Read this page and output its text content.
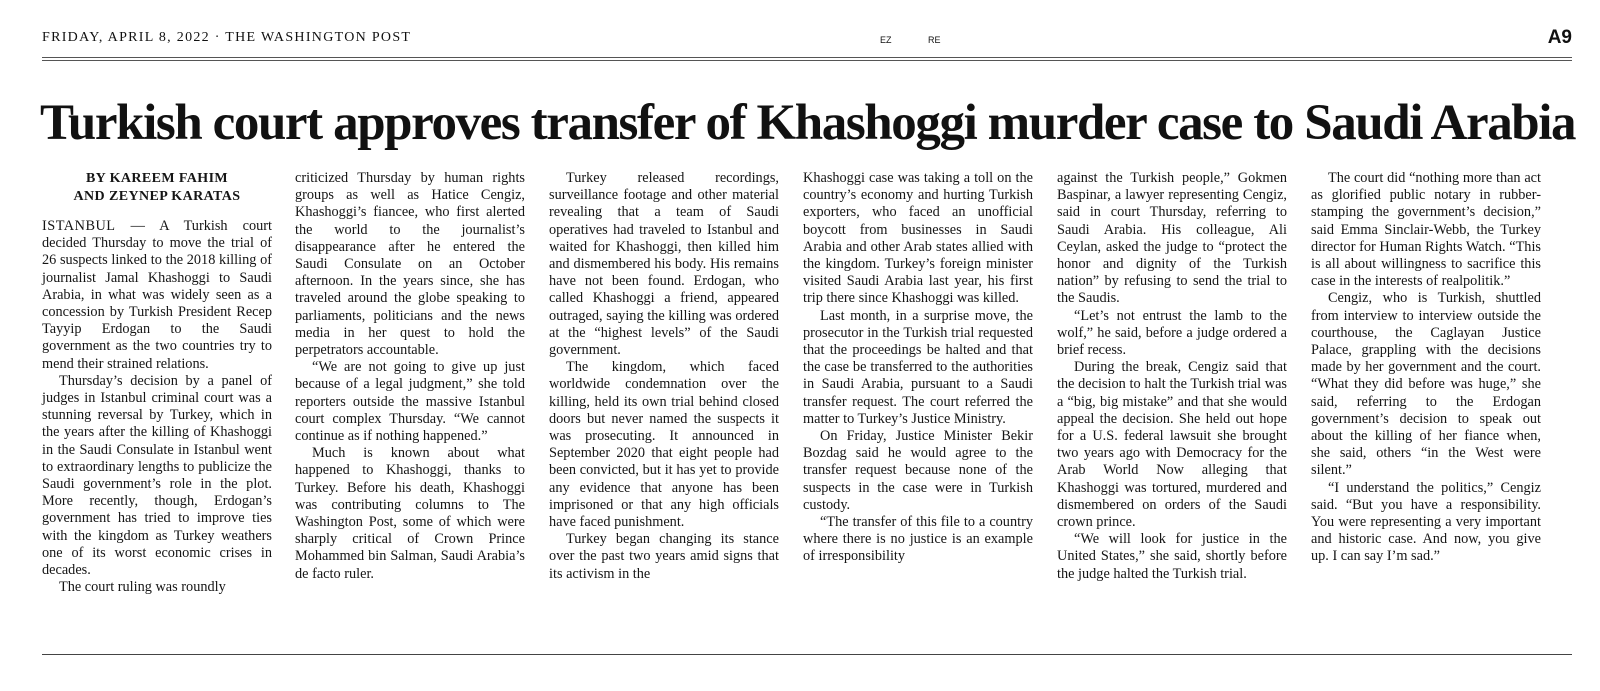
FRIDAY, APRIL 8, 2022 · THE WASHINGTON POST	EZ	RE	A9
Turkish court approves transfer of Khashoggi murder case to Saudi Arabia
BY KAREEM FAHIM
AND ZEYNEP KARATAS

ISTANBUL — A Turkish court decided Thursday to move the trial of 26 suspects linked to the 2018 killing of journalist Jamal Khashoggi to Saudi Arabia, in what was widely seen as a concession by Turkish President Recep Tayyip Erdogan to the Saudi government as the two countries try to mend their strained relations.

Thursday’s decision by a panel of judges in Istanbul criminal court was a stunning reversal by Turkey, which in the years after the killing of Khashoggi in the Saudi Consulate in Istanbul went to extraordinary lengths to publicize the Saudi government’s role in the plot. More recently, though, Erdogan’s government has tried to improve ties with the kingdom as Turkey weathers one of its worst economic crises in decades.

The court ruling was roundly

criticized Thursday by human rights groups as well as Hatice Cengiz, Khashoggi’s fiancee, who first alerted the world to the journalist’s disappearance after he entered the Saudi Consulate on an October afternoon. In the years since, she has traveled around the globe speaking to parliaments, politicians and the news media in her quest to hold the perpetrators accountable.

“We are not going to give up just because of a legal judgment,” she told reporters outside the massive Istanbul court complex Thursday. “We cannot continue as if nothing happened.”

Much is known about what happened to Khashoggi, thanks to Turkey. Before his death, Khashoggi was contributing columns to The Washington Post, some of which were sharply critical of Crown Prince Mohammed bin Salman, Saudi Arabia’s de facto ruler.

Turkey released recordings, surveillance footage and other material revealing that a team of Saudi operatives had traveled to Istanbul and waited for Khashoggi, then killed him and dismembered his body. His remains have not been found. Erdogan, who called Khashoggi a friend, appeared outraged, saying the killing was ordered at the “highest levels” of the Saudi government.

The kingdom, which faced worldwide condemnation over the killing, held its own trial behind closed doors but never named the suspects it was prosecuting. It announced in September 2020 that eight people had been convicted, but it has yet to provide any evidence that anyone has been imprisoned or that any high officials have faced punishment.

Turkey began changing its stance over the past two years amid signs that its activism in the

Khashoggi case was taking a toll on the country’s economy and hurting Turkish exporters, who faced an unofficial boycott from businesses in Saudi Arabia and other Arab states allied with the kingdom. Turkey’s foreign minister visited Saudi Arabia last year, his first trip there since Khashoggi was killed.

Last month, in a surprise move, the prosecutor in the Turkish trial requested that the proceedings be halted and that the case be transferred to the authorities in Saudi Arabia, pursuant to a Saudi transfer request. The court referred the matter to Turkey’s Justice Ministry.

On Friday, Justice Minister Bekir Bozdag said he would agree to the transfer request because none of the suspects in the case were in Turkish custody.

“The transfer of this file to a country where there is no justice is an example of irresponsibility

against the Turkish people,” Gokmen Baspinar, a lawyer representing Cengiz, said in court Thursday, referring to Saudi Arabia. His colleague, Ali Ceylan, asked the judge to “protect the honor and dignity of the Turkish nation” by refusing to send the trial to the Saudis.

“Let’s not entrust the lamb to the wolf,” he said, before a judge ordered a brief recess.

During the break, Cengiz said that the decision to halt the Turkish trial was a “big, big mistake” and that she would appeal the decision. She held out hope for a U.S. federal lawsuit she brought two years ago with Democracy for the Arab World Now alleging that Khashoggi was tortured, murdered and dismembered on orders of the Saudi crown prince.

“We will look for justice in the United States,” she said, shortly before the judge halted the Turkish trial.

The court did “nothing more than act as glorified public notary in rubber-stamping the government’s decision,” said Emma Sinclair-Webb, the Turkey director for Human Rights Watch. “This is all about willingness to sacrifice this case in the interests of realpolitik.”

Cengiz, who is Turkish, shuttled from interview to interview outside the courthouse, the Caglayan Justice Palace, grappling with the decisions made by her government and the court. “What they did before was huge,” she said, referring to the Erdogan government’s decision to speak out about the killing of her fiance when, she said, others “in the West were silent.”

“I understand the politics,” Cengiz said. “But you have a responsibility. You were representing a very important and historic case. And now, you give up. I can say I’m sad.”
